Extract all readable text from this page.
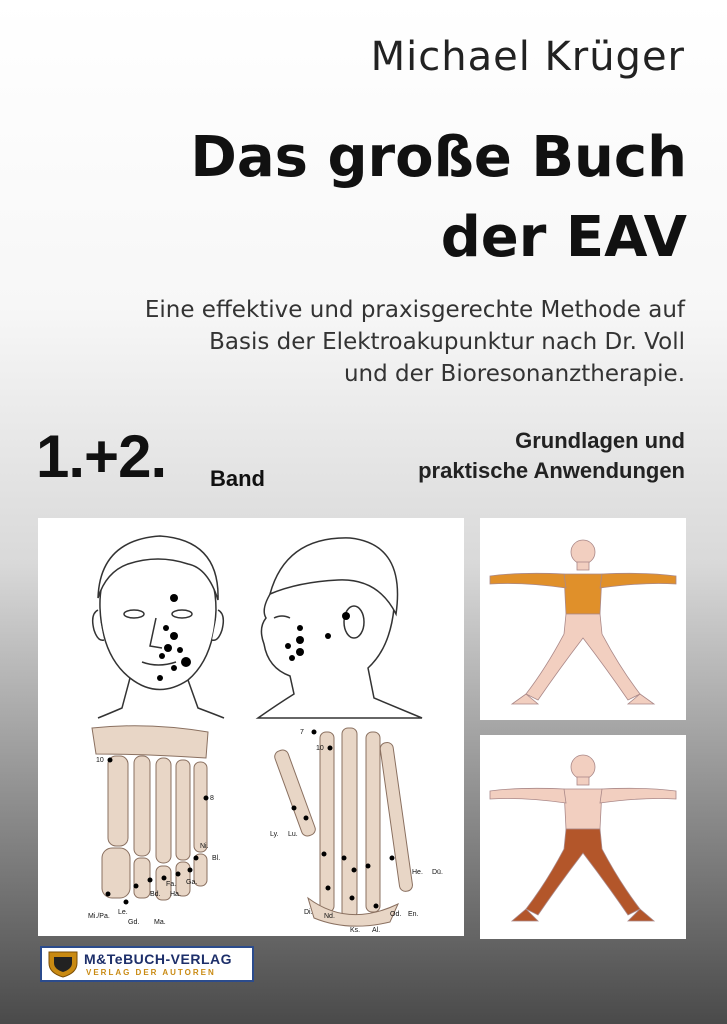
Michael Krüger
Das große Buch
der EAV
Eine effektive und praxisgerechte Methode auf
Basis der Elektroakupunktur nach Dr. Voll
und der Bioresonanztherapie.
1.+2. Band
Grundlagen und
praktische Anwendungen
10
8
Ni.
Bl.
Ga.
Ha.
Bd.
Fa.
Mi./Pa.
Le.
Gd. Ma.
7
10
Ly. Lu.
He. Dü.
Di.
Nd.	Od. En.
Ks. Al.
M&TeBUCH-VERLAG
VERLAG DER AUTOREN
